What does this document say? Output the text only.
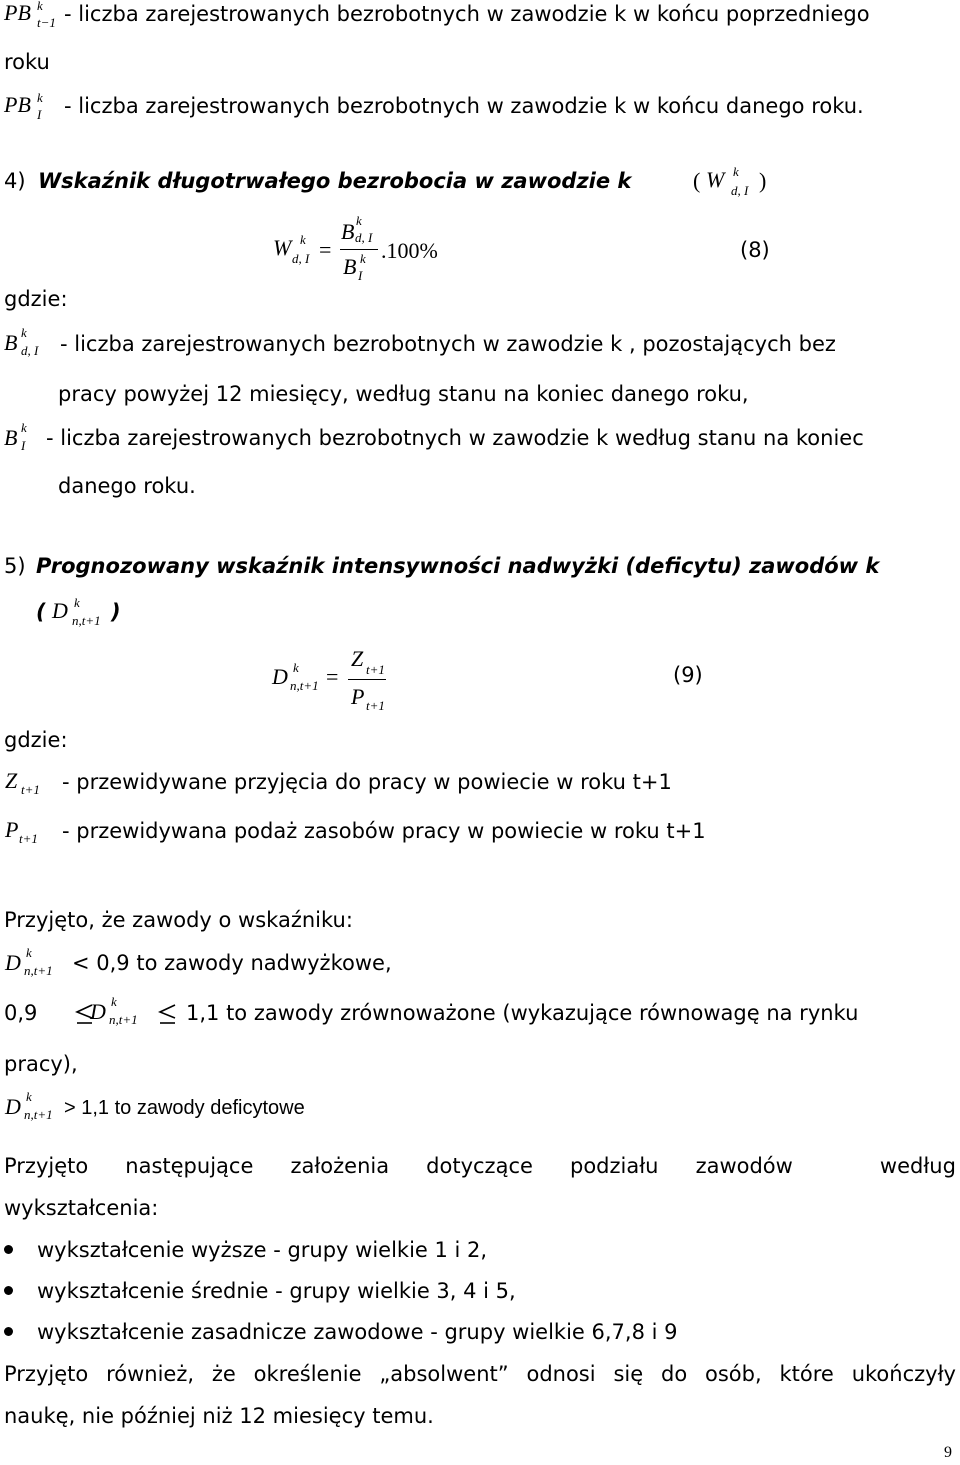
PB k
t−1 - liczba zarejestrowanych bezrobotnych w zawodzie k w końcu poprzedniego
roku
PB k
I - liczba zarejestrowanych bezrobotnych w zawodzie k w końcu danego roku.
4) Wskaźnik długotrwałego bezrobocia w zawodzie k	( W k
d, I )
W k
d, I =
B k
d, I
B k
I
.100%	(8)
gdzie:
B k
d, I - liczba zarejestrowanych bezrobotnych w zawodzie k , pozostających bez
pracy powyżej 12 miesięcy, według stanu na koniec danego roku,
B k
I - liczba zarejestrowanych bezrobotnych w zawodzie k według stanu na koniec
danego roku.
5) Prognozowany wskaźnik intensywności nadwyżki (deficytu) zawodów k
( D k
n,t+1 )
D k
n,t+1 =
Z t+1
P t+1
(9)
gdzie:
Z t+1 - przewidywane przyjęcia do pracy w powiecie w roku t+1
P t+1 - przewidywana podaż zasobów pracy w powiecie w roku t+1
Przyjęto, że zawody o wskaźniku:
D k
n,t+1 < 0,9 to zawody nadwyżkowe,
0,9 D k
n,t+1 1,1 to zawody zrównoważone (wykazujące równowagę na rynku
pracy),
D k
n,t+1 > 1,1 to zawody deficytowe
Przyjęto następujące założenia dotyczące podziału zawodów	według
wykształcenia:
wykształcenie wyższe - grupy wielkie 1 i 2,
wykształcenie średnie - grupy wielkie 3, 4 i 5,
wykształcenie zasadnicze zawodowe - grupy wielkie 6,7,8 i 9
Przyjęto również, że określenie „absolwent” odnosi się do osób, które ukończyły
naukę, nie później niż 12 miesięcy temu.
9
